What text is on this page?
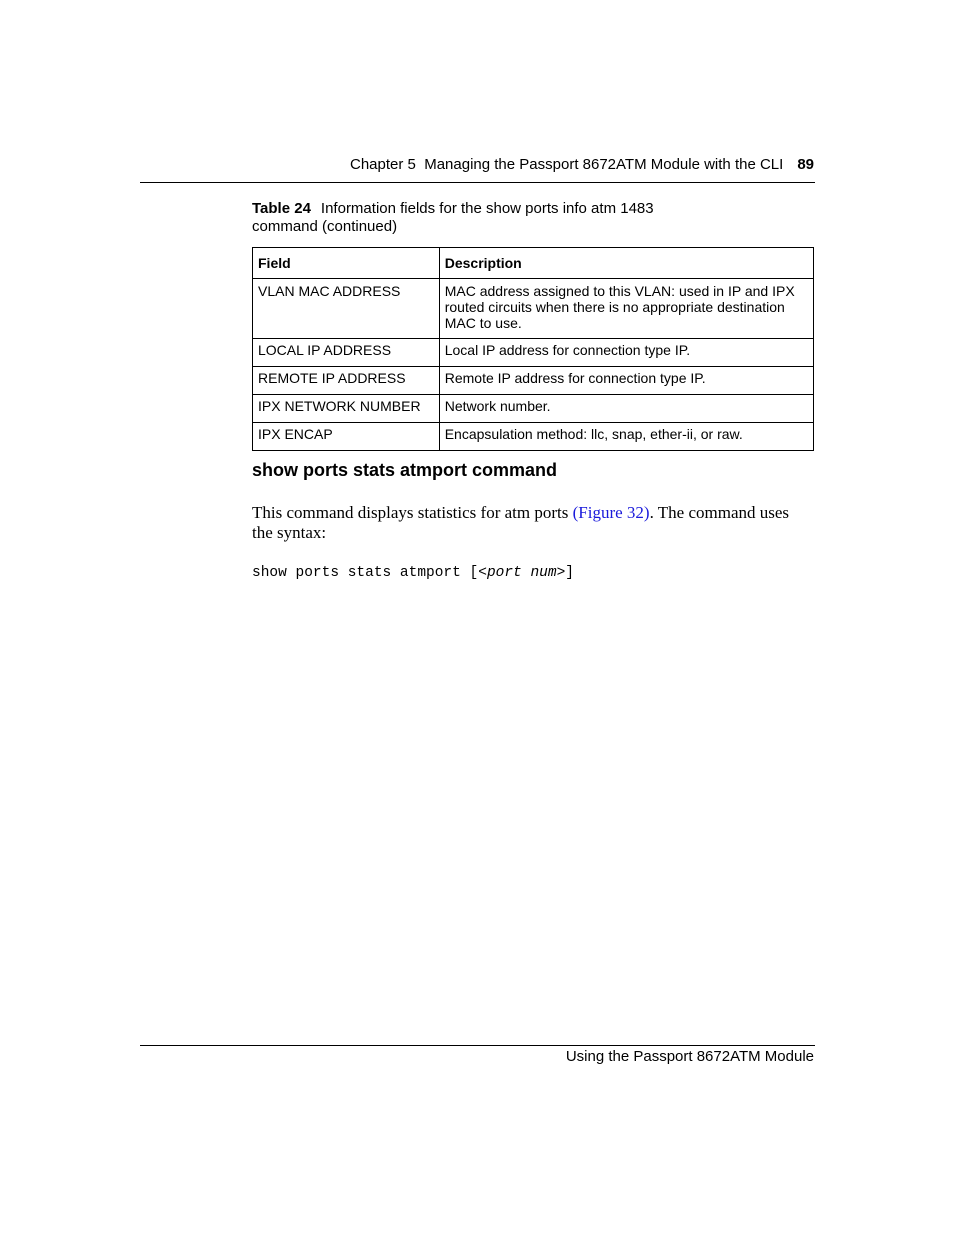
Chapter 5 Managing the Passport 8672ATM Module with the CLI 89
Table 24 Information fields for the show ports info atm 1483 command (continued)
Field	Description
VLAN MAC ADDRESS	MAC address assigned to this VLAN: used in IP and IPX routed circuits when there is no appropriate destination MAC to use.
LOCAL IP ADDRESS	Local IP address for connection type IP.
REMOTE IP ADDRESS	Remote IP address for connection type IP.
IPX NETWORK NUMBER	Network number.
IPX ENCAP	Encapsulation method: llc, snap, ether-ii, or raw.
show ports stats atmport command
This command displays statistics for atm ports (Figure 32). The command uses the syntax:
show ports stats atmport [<port num>]
Using the Passport 8672ATM Module
